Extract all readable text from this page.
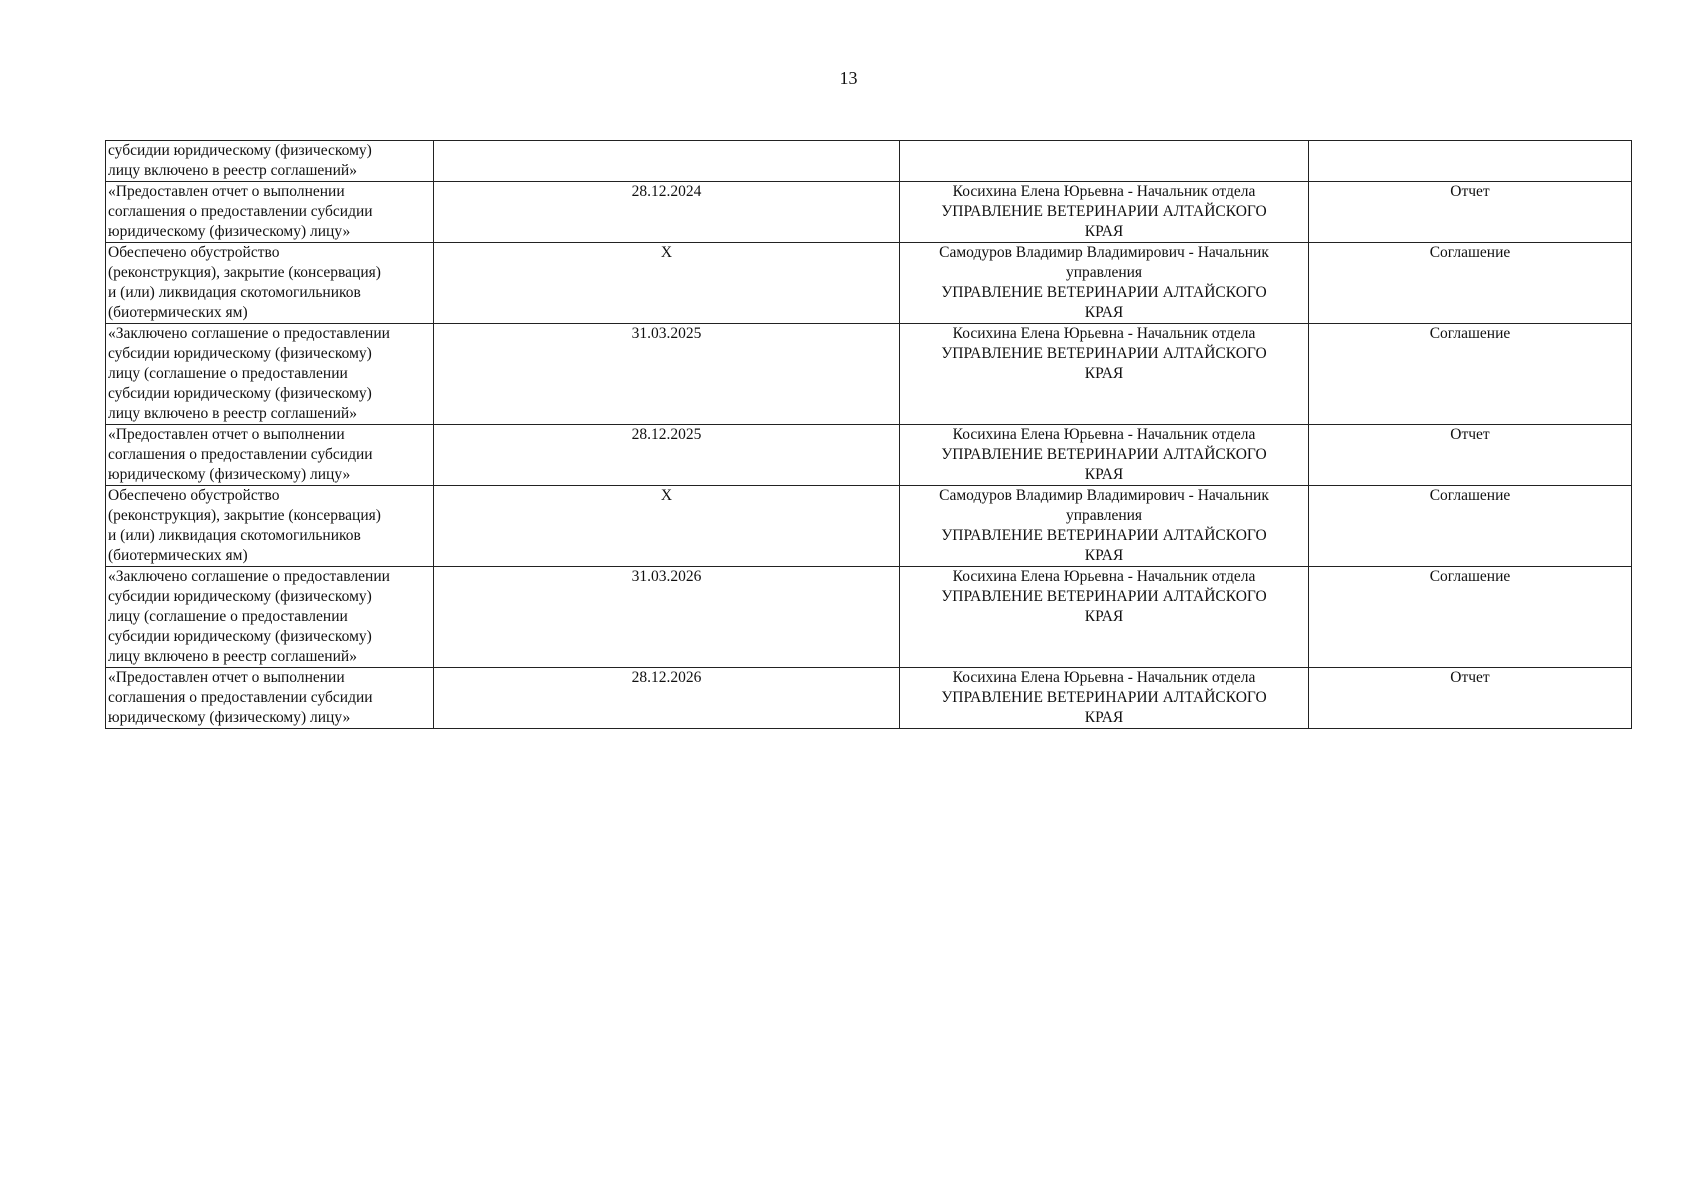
13
субсидии юридическому (физическому)
лицу включено в реестр соглашений»			

«Предоставлен отчет о выполнении
соглашения о предоставлении субсидии
юридическому (физическому) лицу»	28.12.2024	Косихина Елена Юрьевна - Начальник отдела
УПРАВЛЕНИЕ ВЕТЕРИНАРИИ АЛТАЙСКОГО
КРАЯ	Отчет

Обеспечено обустройство
(реконструкция), закрытие (консервация)
и (или) ликвидация скотомогильников
(биотермических ям)	X	Самодуров Владимир Владимирович - Начальник
управления
УПРАВЛЕНИЕ ВЕТЕРИНАРИИ АЛТАЙСКОГО
КРАЯ	Соглашение

«Заключено соглашение о предоставлении
субсидии юридическому (физическому)
лицу (соглашение о предоставлении
субсидии юридическому (физическому)
лицу включено в реестр соглашений»	31.03.2025	Косихина Елена Юрьевна - Начальник отдела
УПРАВЛЕНИЕ ВЕТЕРИНАРИИ АЛТАЙСКОГО
КРАЯ	Соглашение

«Предоставлен отчет о выполнении
соглашения о предоставлении субсидии
юридическому (физическому) лицу»	28.12.2025	Косихина Елена Юрьевна - Начальник отдела
УПРАВЛЕНИЕ ВЕТЕРИНАРИИ АЛТАЙСКОГО
КРАЯ	Отчет

Обеспечено обустройство
(реконструкция), закрытие (консервация)
и (или) ликвидация скотомогильников
(биотермических ям)	X	Самодуров Владимир Владимирович - Начальник
управления
УПРАВЛЕНИЕ ВЕТЕРИНАРИИ АЛТАЙСКОГО
КРАЯ	Соглашение

«Заключено соглашение о предоставлении
субсидии юридическому (физическому)
лицу (соглашение о предоставлении
субсидии юридическому (физическому)
лицу включено в реестр соглашений»	31.03.2026	Косихина Елена Юрьевна - Начальник отдела
УПРАВЛЕНИЕ ВЕТЕРИНАРИИ АЛТАЙСКОГО
КРАЯ	Соглашение

«Предоставлен отчет о выполнении
соглашения о предоставлении субсидии
юридическому (физическому) лицу»	28.12.2026	Косихина Елена Юрьевна - Начальник отдела
УПРАВЛЕНИЕ ВЕТЕРИНАРИИ АЛТАЙСКОГО
КРАЯ	Отчет
